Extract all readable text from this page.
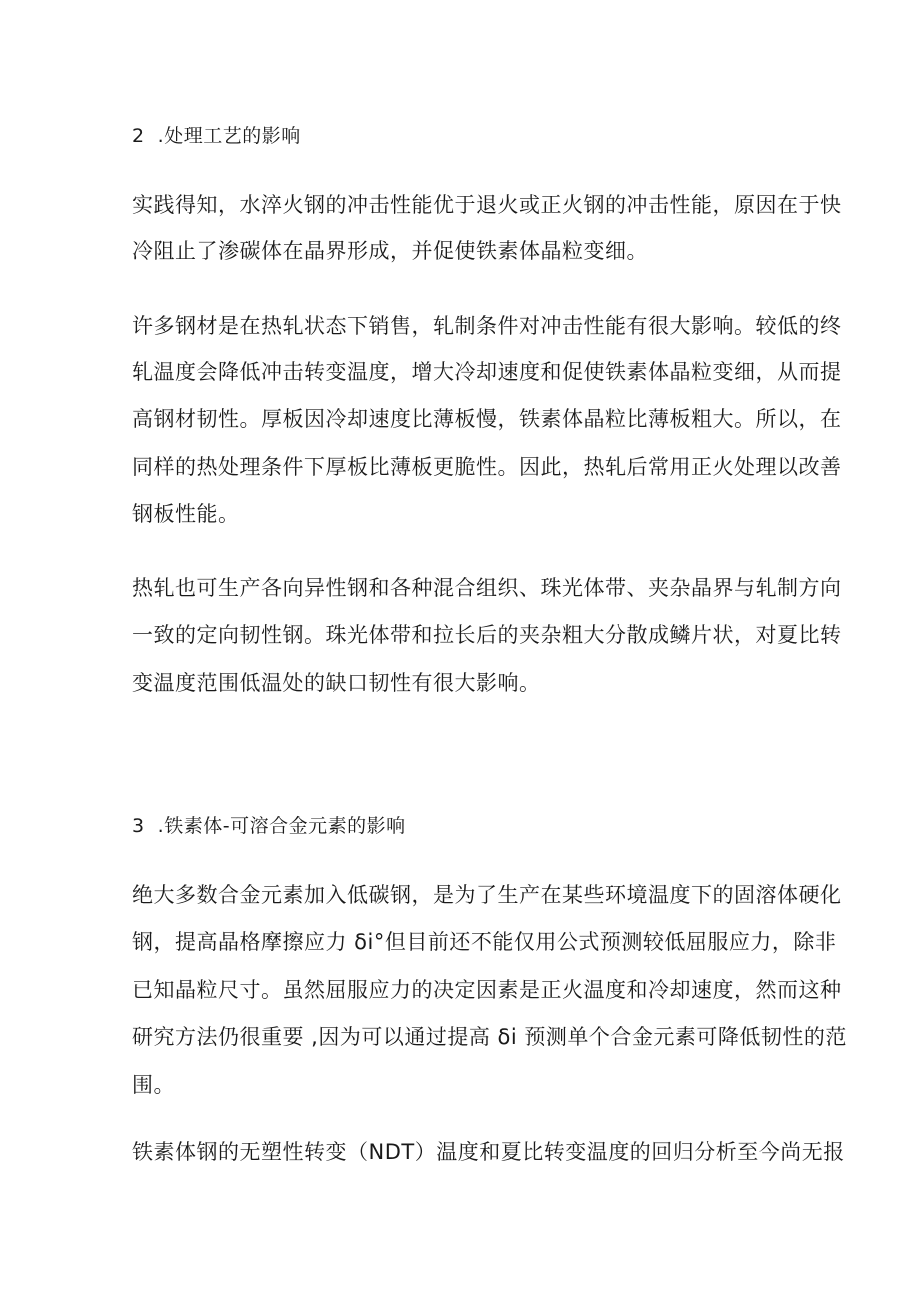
2  .处理工艺的影响
实践得知，水淬火钢的冲击性能优于退火或正火钢的冲击性能，原因在于快
冷阻止了渗碳体在晶界形成，并促使铁素体晶粒变细。
许多钢材是在热轧状态下销售，轧制条件对冲击性能有很大影响。较低的终
轧温度会降低冲击转变温度，增大冷却速度和促使铁素体晶粒变细，从而提
高钢材韧性。厚板因冷却速度比薄板慢，铁素体晶粒比薄板粗大。所以，在
同样的热处理条件下厚板比薄板更脆性。因此，热轧后常用正火处理以改善
钢板性能。
热轧也可生产各向异性钢和各种混合组织、珠光体带、夹杂晶界与轧制方向
一致的定向韧性钢。珠光体带和拉长后的夹杂粗大分散成鳞片状，对夏比转
变温度范围低温处的缺口韧性有很大影响。
3  .铁素体-可溶合金元素的影响
绝大多数合金元素加入低碳钢，是为了生产在某些环境温度下的固溶体硬化
钢，提高晶格摩擦应力 δi°但目前还不能仅用公式预测较低屈服应力，除非
已知晶粒尺寸。虽然屈服应力的决定因素是正火温度和冷却速度，然而这种
研究方法仍很重要 ,因为可以通过提高 δi 预测单个合金元素可降低韧性的范
围。
铁素体钢的无塑性转变（NDT）温度和夏比转变温度的回归分析至今尚无报
